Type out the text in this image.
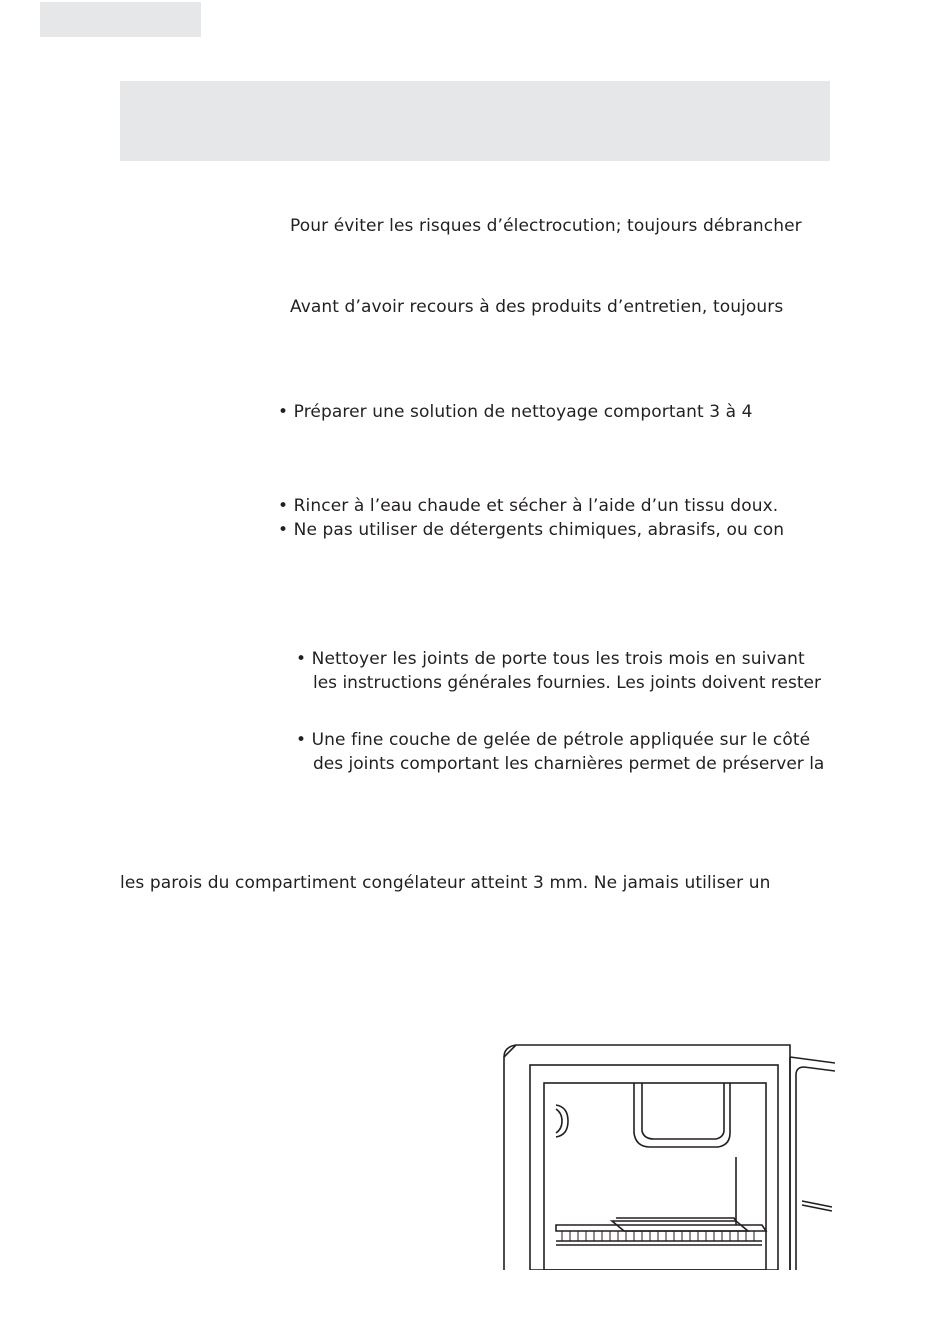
Pour éviter les risques d’électrocution; toujours débrancher
Avant d’avoir recours à des produits d’entretien, toujours
• Préparer une solution de nettoyage comportant 3 à 4
• Rincer à l’eau chaude et sécher à l’aide d’un tissu doux.
• Ne pas utiliser de détergents chimiques, abrasifs, ou con
• Nettoyer les joints de porte tous les trois mois en suivant
les instructions générales fournies. Les joints doivent rester
• Une fine couche de gelée de pétrole appliquée sur le côté
des joints comportant les charnières permet de préserver la
les parois du compartiment congélateur atteint 3 mm. Ne jamais utiliser un
